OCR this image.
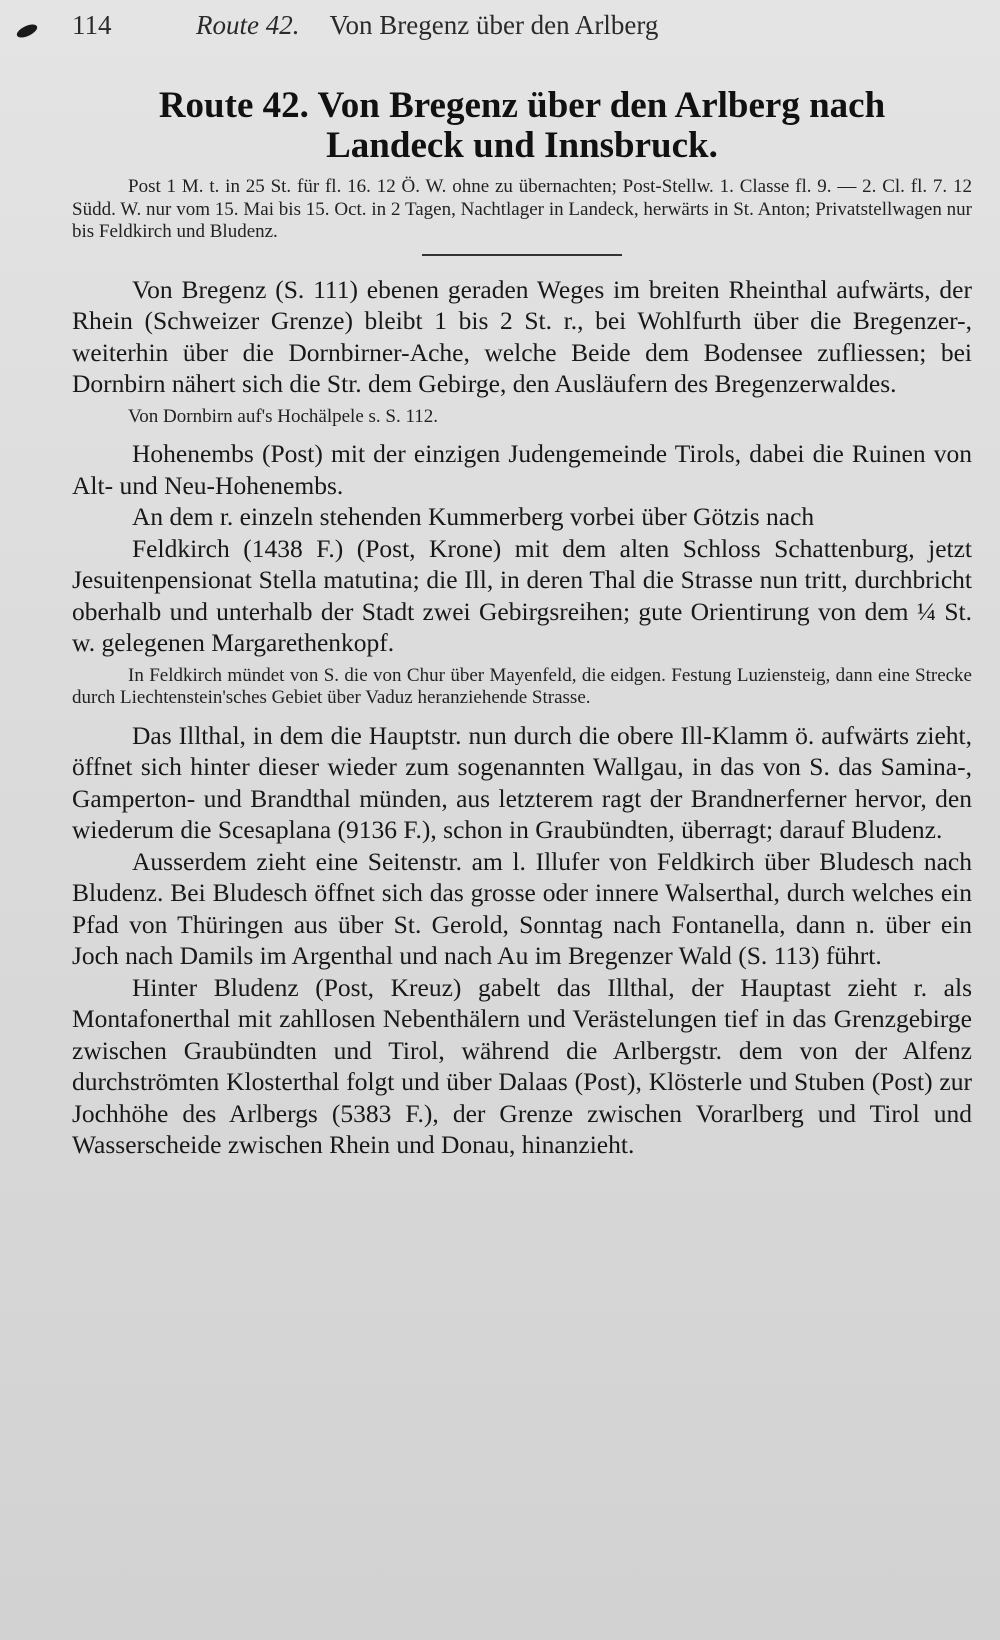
114	Route 42. Von Bregenz über den Arlberg
Route 42. Von Bregenz über den Arlberg nach
Landeck und Innsbruck.

Post 1 M. t. in 25 St. für fl. 16. 12 Ö. W. ohne zu übernachten; Post-Stellw. 1. Classe fl. 9. — 2. Cl. fl. 7. 12 Südd. W. nur vom 15. Mai bis 15. Oct. in 2 Tagen, Nachtlager in Landeck, herwärts in St. Anton; Privatstellwagen nur bis Feldkirch und Bludenz.

Von Bregenz (S. 111) ebenen geraden Weges im breiten Rheinthal aufwärts, der Rhein (Schweizer Grenze) bleibt 1 bis 2 St. r., bei Wohlfurth über die Bregenzer-, weiterhin über die Dornbirner-Ache, welche Beide dem Bodensee zufliessen; bei Dornbirn nähert sich die Str. dem Gebirge, den Ausläufern des Bregenzerwaldes.

Von Dornbirn auf's Hochälpele s. S. 112.

Hohenembs (Post) mit der einzigen Judengemeinde Tirols, dabei die Ruinen von Alt- und Neu-Hohenembs.

An dem r. einzeln stehenden Kummerberg vorbei über Götzis nach

Feldkirch (1438 F.) (Post, Krone) mit dem alten Schloss Schattenburg, jetzt Jesuitenpensionat Stella matutina; die Ill, in deren Thal die Strasse nun tritt, durchbricht oberhalb und unterhalb der Stadt zwei Gebirgsreihen; gute Orientirung von dem ¼ St. w. gelegenen Margarethenkopf.

In Feldkirch mündet von S. die von Chur über Mayenfeld, die eidgen. Festung Luziensteig, dann eine Strecke durch Liechtenstein'sches Gebiet über Vaduz heranziehende Strasse.

Das Illthal, in dem die Hauptstr. nun durch die obere Ill-Klamm ö. aufwärts zieht, öffnet sich hinter dieser wieder zum sogenannten Wallgau, in das von S. das Samina-, Gamperton- und Brandthal münden, aus letzterem ragt der Brandnerferner hervor, den wiederum die Scesaplana (9136 F.), schon in Graubündten, überragt; darauf Bludenz.

Ausserdem zieht eine Seitenstr. am l. Illufer von Feldkirch über Bludesch nach Bludenz. Bei Bludesch öffnet sich das grosse oder innere Walserthal, durch welches ein Pfad von Thüringen aus über St. Gerold, Sonntag nach Fontanella, dann n. über ein Joch nach Damils im Argenthal und nach Au im Bregenzer Wald (S. 113) führt.

Hinter Bludenz (Post, Kreuz) gabelt das Illthal, der Hauptast zieht r. als Montafonerthal mit zahllosen Nebenthälern und Verästelungen tief in das Grenzgebirge zwischen Graubündten und Tirol, während die Arlbergstr. dem von der Alfenz durchströmten Klosterthal folgt und über Dalaas (Post), Klösterle und Stuben (Post) zur Jochhöhe des Arlbergs (5383 F.), der Grenze zwischen Vorarlberg und Tirol und Wasserscheide zwischen Rhein und Donau, hinanzieht.
